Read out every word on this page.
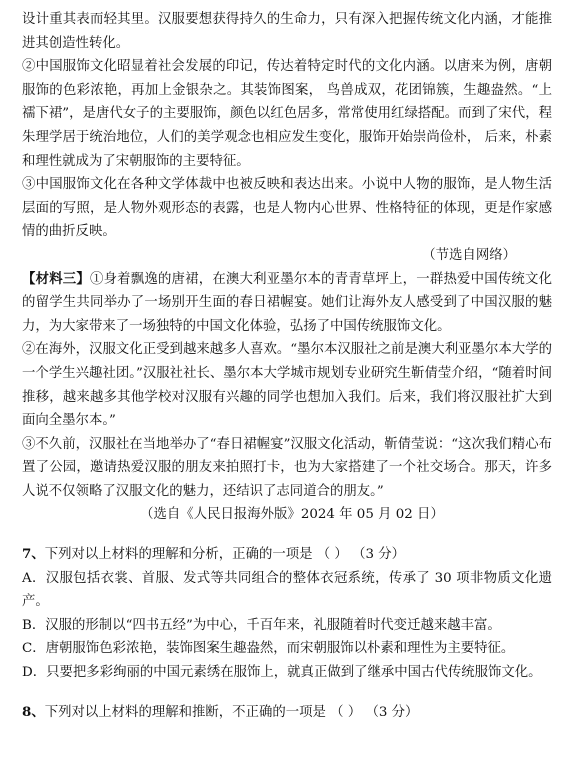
设计重其表而轻其里。汉服要想获得持久的生命力，只有深入把握传统文化内涵，才能推进其创造性转化。

②中国服饰文化昭显着社会发展的印记，传达着特定时代的文化内涵。以唐来为例，唐朝服饰的色彩浓艳，再加上金银杂之。其装饰图案， 鸟兽成双，花团锦簇，生趣盎然。“上襦下裙”，是唐代女子的主要服饰，颜色以红色居多，常常使用红绿搭配。而到了宋代，程朱理学居于统治地位，人们的美学观念也相应发生变化，服饰开始崇尚俭朴， 后来，朴素和理性就成为了宋朝服饰的主要特征。

③中国服饰文化在各种文学体裁中也被反映和表达出来。小说中人物的服饰，是人物生活层面的写照，是人物外观形态的表露，也是人物内心世界、性格特征的体现，更是作家感情的曲折反映。

（节选自网络）

【材料三】①身着飘逸的唐裙，在澳大利亚墨尔本的青青草坪上，一群热爱中国传统文化的留学生共同举办了一场别开生面的春日裙幄宴。她们让海外友人感受到了中国汉服的魅力，为大家带来了一场独特的中国文化体验，弘扬了中国传统服饰文化。

②在海外，汉服文化正受到越来越多人喜欢。“墨尔本汉服社之前是澳大利亚墨尔本大学的一个学生兴趣社团。”汉服社社长、墨尔本大学城市规划专业研究生靳倩莹介绍，“随着时间推移，越来越多其他学校对汉服有兴趣的同学也想加入我们。后来，我们将汉服社扩大到面向全墨尔本。”

③不久前，汉服社在当地举办了“春日裙幄宴”汉服文化活动，靳倩莹说：“这次我们精心布置了公园，邀请热爱汉服的朋友来拍照打卡，也为大家搭建了一个社交场合。那天，许多人说不仅领略了汉服文化的魅力，还结识了志同道合的朋友。”

（选自《人民日报海外版》2024 年 05 月 02 日）

7、下列对以上材料的理解和分析，正确的一项是 （ ） （3 分）

A．汉服包括衣裳、首服、发式等共同组合的整体衣冠系统，传承了 30 项非物质文化遗产。

B．汉服的形制以“四书五经”为中心，千百年来，礼服随着时代变迁越来越丰富。

C．唐朝服饰色彩浓艳，装饰图案生趣盎然，而宋朝服饰以朴素和理性为主要特征。

D．只要把多彩绚丽的中国元素绣在服饰上，就真正做到了继承中国古代传统服饰文化。

8、下列对以上材料的理解和推断，不正确的一项是 （ ） （3 分）
